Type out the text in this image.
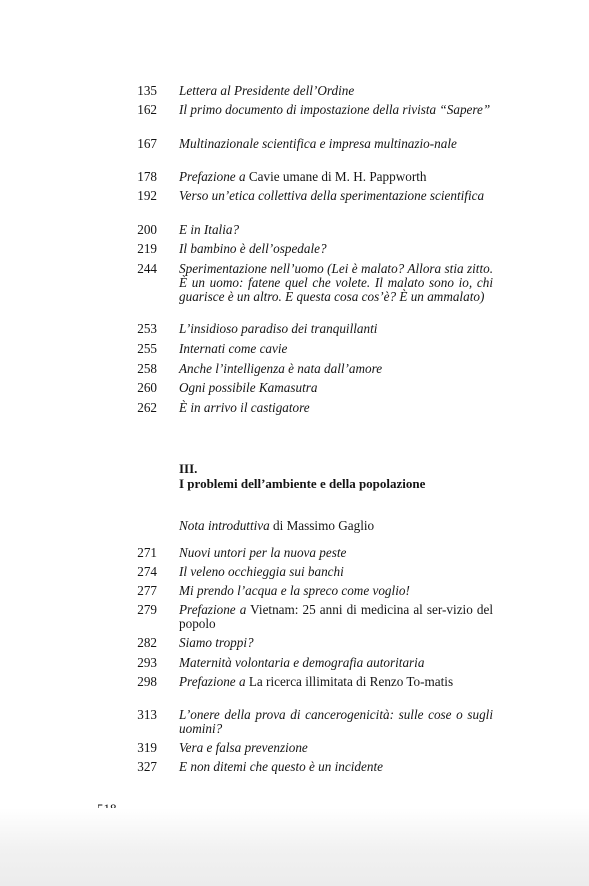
135 Lettera al Presidente dell’Ordine
162 Il primo documento di impostazione della rivista “Sapere”
167 Multinazionale scientifica e impresa multinazio-nale
178 Prefazione a Cavie umane di M. H. Pappworth
192 Verso un’etica collettiva della sperimentazione scientifica
200 E in Italia?
219 Il bambino è dell’ospedale?
244 Sperimentazione nell’uomo (Lei è malato? Allora stia zitto. È un uomo: fatene quel che volete. Il malato sono io, chi guarisce è un altro. E questa cosa cos’è? È un ammalato)
253 L’insidioso paradiso dei tranquillanti
255 Internati come cavie
258 Anche l’intelligenza è nata dall’amore
260 Ogni possibile Kamasutra
262 È in arrivo il castigatore
III.
I problemi dell’ambiente e della popolazione
Nota introduttiva di Massimo Gaglio
271 Nuovi untori per la nuova peste
274 Il veleno occhieggia sui banchi
277 Mi prendo l’acqua e la spreco come voglio!
279 Prefazione a Vietnam: 25 anni di medicina al ser-vizio del popolo
282 Siamo troppi?
293 Maternità volontaria e demografia autoritaria
298 Prefazione a La ricerca illimitata di Renzo To-matis
313 L’onere della prova di cancerogenicità: sulle cose o sugli uomini?
319 Vera e falsa prevenzione
327 E non ditemi che questo è un incidente
